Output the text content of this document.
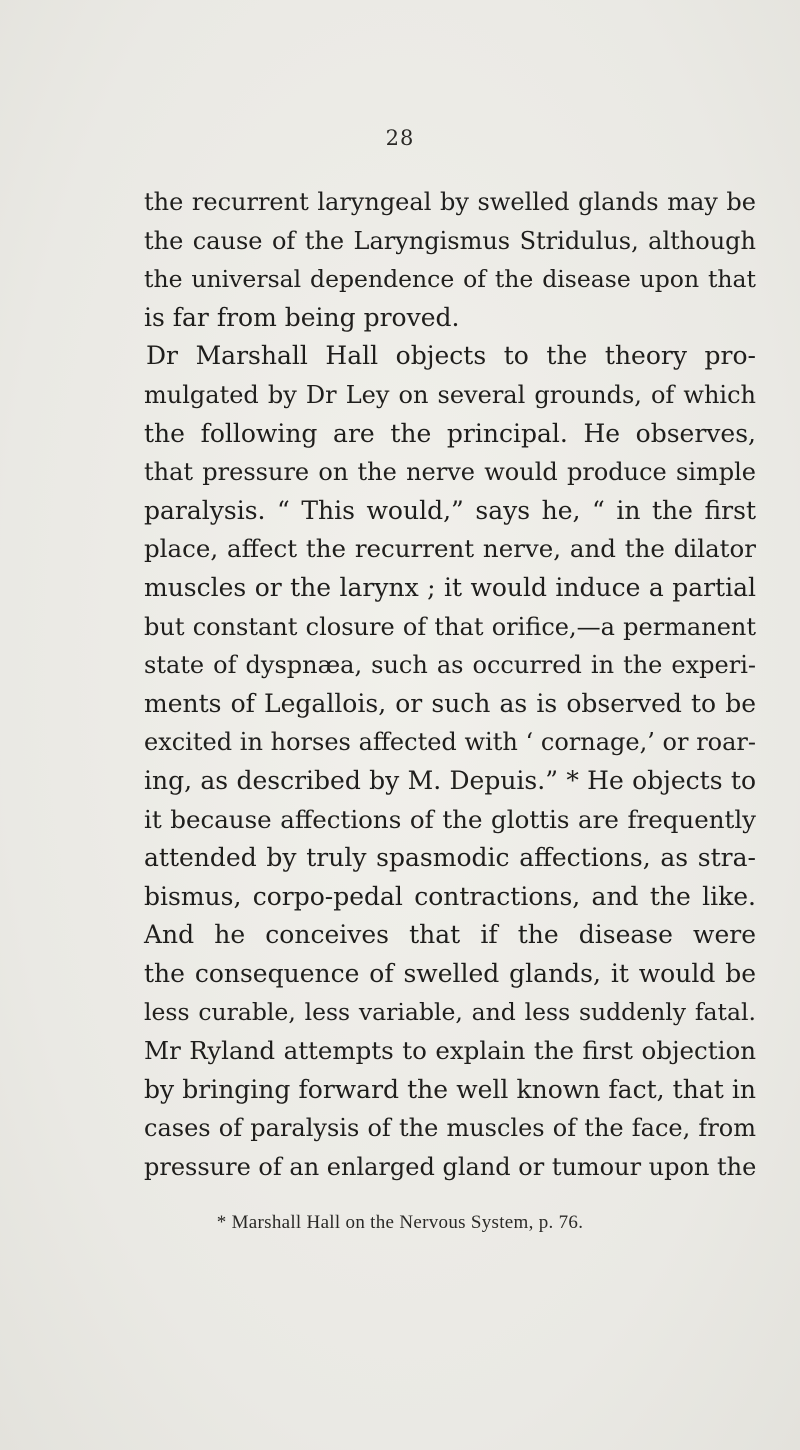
28
the recurrent laryngeal by swelled glands may be
the cause of the Laryngismus Stridulus, although
the universal dependence of the disease upon that
is far from being proved.
Dr Marshall Hall objects to the theory pro-
mulgated by Dr Ley on several grounds, of which
the following are the principal. He observes,
that pressure on the nerve would produce simple
paralysis. “ This would,” says he, “ in the first
place, affect the recurrent nerve, and the dilator
muscles or the larynx ; it would induce a partial
but constant closure of that orifice,—a permanent
state of dyspnæa, such as occurred in the experi-
ments of Legallois, or such as is observed to be
excited in horses affected with ‘ cornage,’ or roar-
ing, as described by M. Depuis.” * He objects to
it because affections of the glottis are frequently
attended by truly spasmodic affections, as stra-
bismus, corpo-pedal contractions, and the like.
And he conceives that if the disease were
the consequence of swelled glands, it would be
less curable, less variable, and less suddenly fatal.
Mr Ryland attempts to explain the first objection
by bringing forward the well known fact, that in
cases of paralysis of the muscles of the face, from
pressure of an enlarged gland or tumour upon the
* Marshall Hall on the Nervous System, p. 76.
